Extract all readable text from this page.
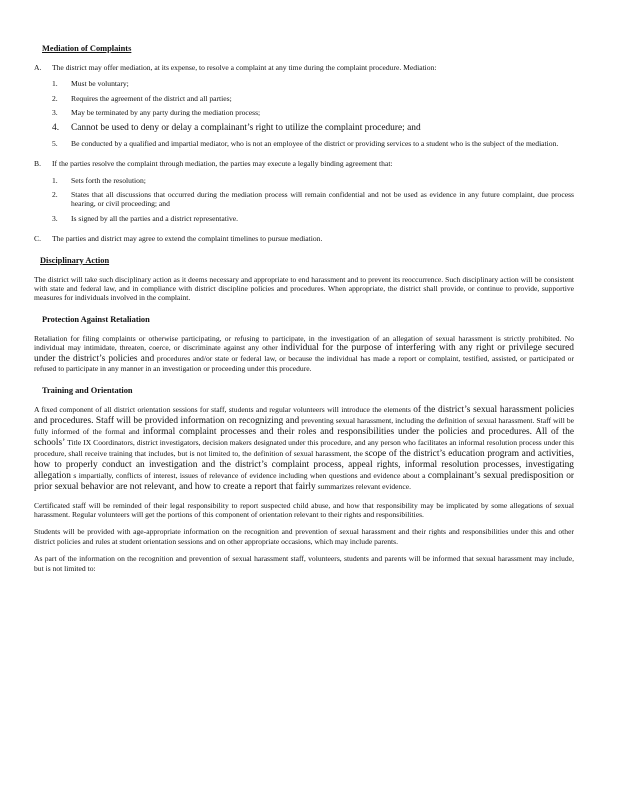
Mediation of Complaints
A.	The district may offer mediation, at its expense, to resolve a complaint at any time during the complaint procedure. Mediation:
1.	Must be voluntary;
2.	Requires the agreement of the district and all parties;
3.	May be terminated by any party during the mediation process;
4.	Cannot be used to deny or delay a complainant’s right to utilize the complaint procedure; and
5.	Be conducted by a qualified and impartial mediator, who is not an employee of the district or providing services to a student who is the subject of the mediation.
B.	If the parties resolve the complaint through mediation, the parties may execute a legally binding agreement that:
1.	Sets forth the resolution;
2.	States that all discussions that occurred during the mediation process will remain confidential and not be used as evidence in any future complaint, due process hearing, or civil proceeding; and
3.	Is signed by all the parties and a district representative.
C.	The parties and district may agree to extend the complaint timelines to pursue mediation.
Disciplinary Action

The district will take such disciplinary action as it deems necessary and appropriate to end harassment and to prevent its reoccurrence. Such disciplinary action will be consistent with state and federal law, and in compliance with district discipline policies and procedures. When appropriate, the district shall provide, or continue to provide, supportive measures for individuals involved in the complaint.

Protection Against Retaliation

Retaliation for filing complaints or otherwise participating, or refusing to participate, in the investigation of an allegation of sexual harassment is strictly prohibited. No individual may intimidate, threaten, coerce, or discriminate against any other individual for the purpose of interfering with any right or privilege secured under the district’s policies and procedures and/or state or federal law, or because the individual has made a report or complaint, testified, assisted, or participated or refused to participate in any manner in an investigation or proceeding under this procedure.

Training and Orientation

A fixed component of all district orientation sessions for staff, students and regular volunteers will introduce the elements of the district’s sexual harassment policies and procedures. Staff will be provided information on recognizing and preventing sexual harassment, including the definition of sexual harassment. Staff will be fully informed of the formal and informal complaint processes and their roles and responsibilities under the policies and procedures. All of the schools’ Title IX Coordinators, district investigators, decision makers designated under this procedure, and any person who facilitates an informal resolution process under this procedure, shall receive training that includes, but is not limited to, the definition of sexual harassment, the scope of the district’s education program and activities, how to properly conduct an investigation and the district’s complaint process, appeal rights, informal resolution processes, investigating allegation s impartially, conflicts of interest, issues of relevance of evidence including when questions and evidence about a complainant’s sexual predisposition or prior sexual behavior are not relevant, and how to create a report that fairly summarizes relevant evidence.

Certificated staff will be reminded of their legal responsibility to report suspected child abuse, and how that responsibility may be implicated by some allegations of sexual harassment. Regular volunteers will get the portions of this component of orientation relevant to their rights and responsibilities.

Students will be provided with age-appropriate information on the recognition and prevention of sexual harassment and their rights and responsibilities under this and other district policies and rules at student orientation sessions and on other appropriate occasions, which may include parents.

As part of the information on the recognition and prevention of sexual harassment staff, volunteers, students and parents will be informed that sexual harassment may include, but is not limited to:
